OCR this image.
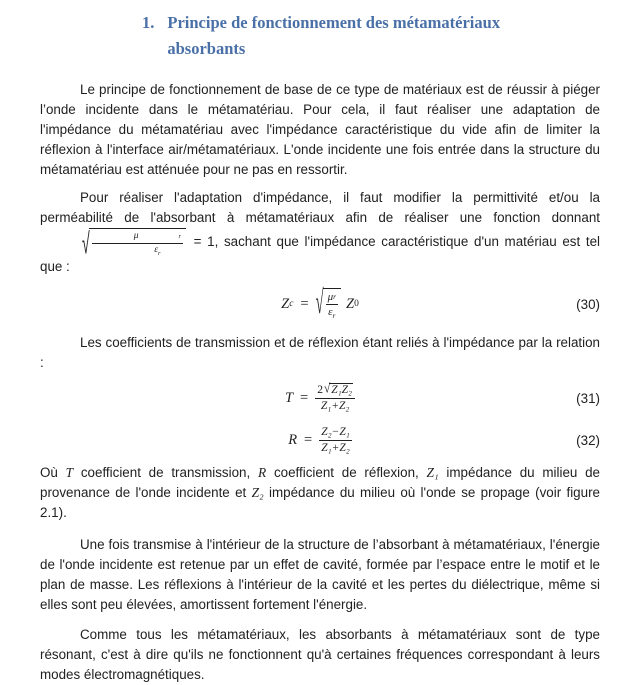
1. Principe de fonctionnement des métamatériaux absorbants

Le principe de fonctionnement de base de ce type de matériaux est de réussir à piéger l’onde incidente dans le métamatériau. Pour cela, il faut réaliser une adaptation de l'impédance du métamatériau avec l'impédance caractéristique du vide afin de limiter la réflexion à l'interface air/métamatériaux. L'onde incidente une fois entrée dans la structure du métamatériau est atténuée pour ne pas en ressortir.

Pour réaliser l'adaptation d'impédance, il faut modifier la permittivité et/ou la perméabilité de l'absorbant à métamatériaux afin de réaliser une fonction donnant
√ μ	r
$\varepsilon_r = 1$, sachant que l'impédance caractéristique d'un matériau est tel que :

Z c = √ $\frac{\text{μ r}}{\varepsilon_r}$ Z 0	(30)

Les coefficients de transmission et de réflexion étant reliés à l'impédance par la relation :

$T = \frac{\text{2 √ Z₁Z₂}}{\text{Z₁+Z₂}}$	(31)
$R = \frac{\text{Z₂−Z₁}}{\text{Z₁+Z₂}}$	(32)

Où T coefficient de transmission, R coefficient de réflexion, Z₁ impédance du milieu de provenance de l'onde incidente et Z₂ impédance du milieu où l'onde se propage (voir figure 2.1).

Une fois transmise à l'intérieur de la structure de l’absorbant à métamatériaux, l'énergie de l'onde incidente est retenue par un effet de cavité, formée par l’espace entre le motif et le plan de masse. Les réflexions à l'intérieur de la cavité et les pertes du diélectrique, même si elles sont peu élevées, amortissent fortement l'énergie.

Comme tous les métamatériaux, les absorbants à métamatériaux sont de type résonant, c'est à dire qu'ils ne fonctionnent qu'à certaines fréquences correspondant à leurs modes électromagnétiques.
